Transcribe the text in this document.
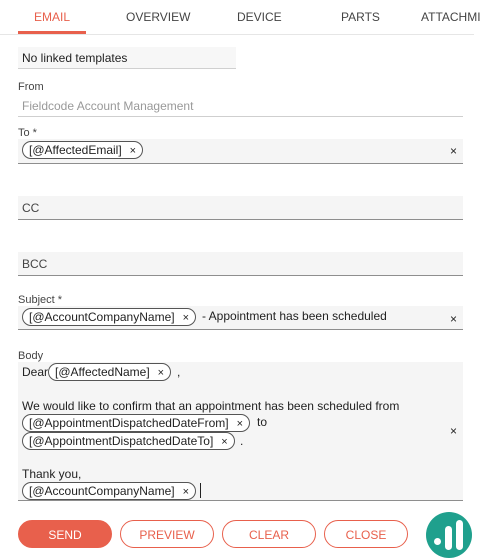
EMAIL	OVERVIEW	DEVICE	PARTS	ATTACHMI
No linked templates
From
Fieldcode Account Management
To *
[@AffectedEmail] ×	×
CC
BCC
Subject *
[@AccountCompanyName] ×	- Appointment has been scheduled	×
Body
Dear [@AffectedName] ×	,
We would like to confirm that an appointment has been scheduled from
[@AppointmentDispatchedDateFrom] ×	to
[@AppointmentDispatchedDateTo] ×	.
Thank you,
[@AccountCompanyName] ×
×
SEND	PREVIEW	CLEAR	CLOSE
